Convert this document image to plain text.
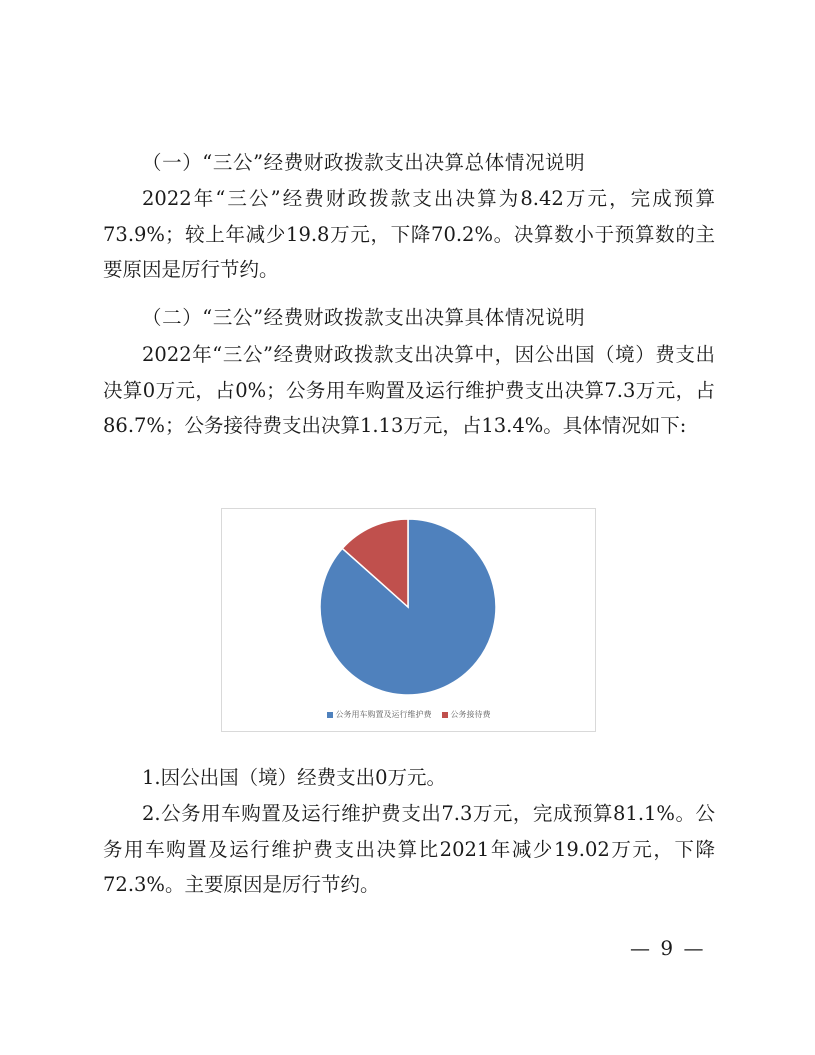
（一）“三公”经费财政拨款支出决算总体情况说明

2022年“三公”经费财政拨款支出决算为8.42万元，完成预算73.9%；较上年减少19.8万元，下降70.2%。决算数小于预算数的主要原因是厉行节约。

（二）“三公”经费财政拨款支出决算具体情况说明

2022年“三公”经费财政拨款支出决算中，因公出国（境）费支出决算0万元，占0%；公务用车购置及运行维护费支出决算7.3万元，占86.7%；公务接待费支出决算1.13万元，占13.4%。具体情况如下:

公务用车购置及运行维护费 公务接待费

1.因公出国（境）经费支出0万元。

2.公务用车购置及运行维护费支出7.3万元，完成预算81.1%。公务用车购置及运行维护费支出决算比2021年减少19.02万元，下降72.3%。主要原因是厉行节约。

— 9 —
